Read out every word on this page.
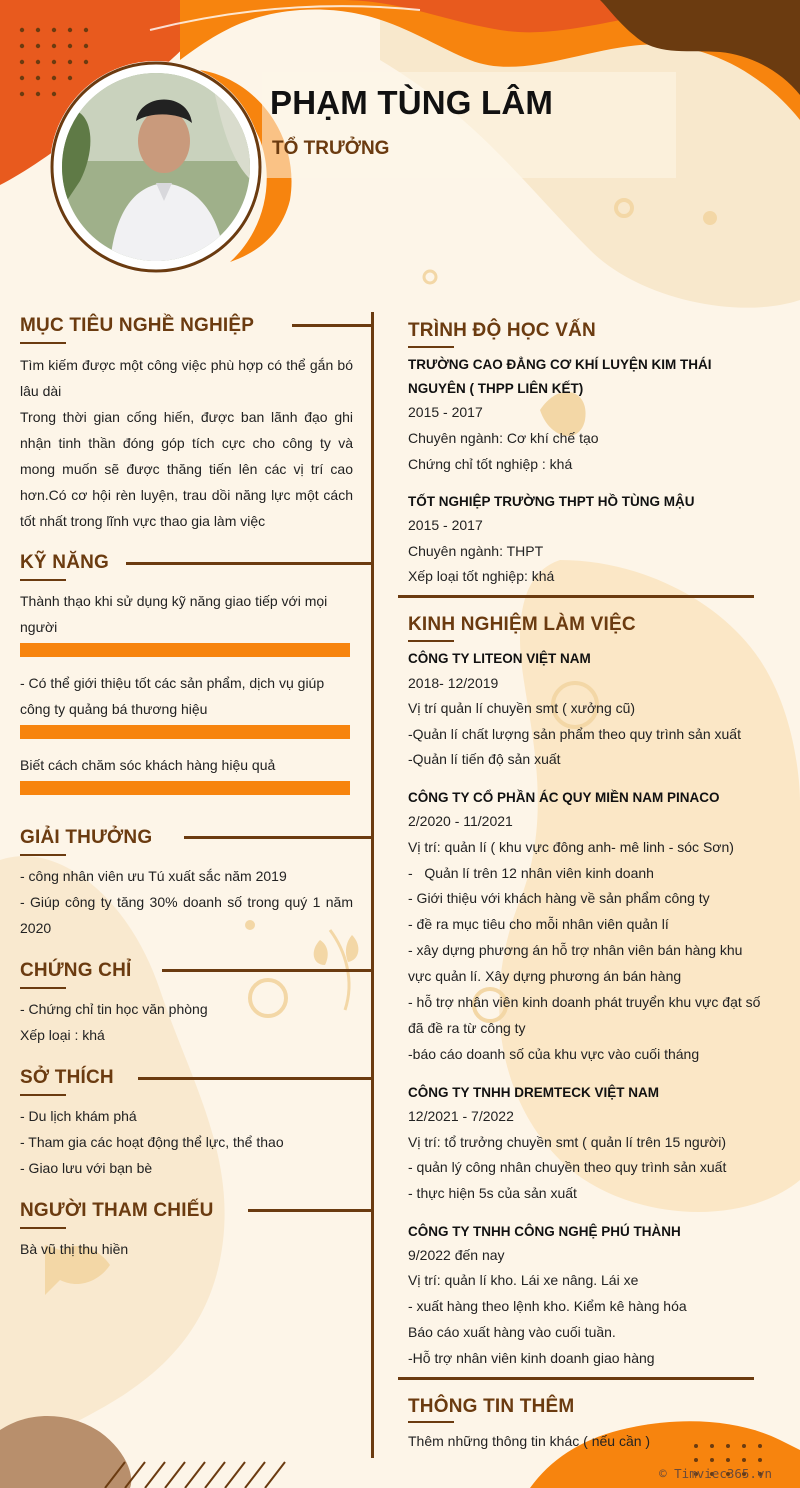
PHẠM TÙNG LÂM
TỔ TRƯỞNG
MỤC TIÊU NGHỀ NGHIỆP
Tìm kiếm được một công việc phù hợp có thể gắn bó lâu dài
Trong thời gian cống hiến, được ban lãnh đạo ghi nhận tinh thần đóng góp tích cực cho công ty và mong muốn sẽ được thăng tiến lên các vị trí cao hơn.Có cơ hội rèn luyện, trau dồi năng lực một cách tốt nhất trong lĩnh vực thao gia làm việc
KỸ NĂNG
Thành thạo khi sử dụng kỹ năng giao tiếp với mọi người
- Có thể giới thiệu tốt các sản phẩm, dịch vụ giúp công ty quảng bá thương hiệu
Biết cách chăm sóc khách hàng hiệu quả
GIẢI THƯỞNG
- công nhân viên ưu Tú xuất sắc năm 2019
- Giúp công ty tăng 30% doanh số trong quý 1 năm 2020
CHỨNG CHỈ
- Chứng chỉ tin học văn phòng
Xếp loại : khá
SỞ THÍCH
- Du lịch khám phá
- Tham gia các hoạt động thể lực, thể thao
- Giao lưu với bạn bè
NGƯỜI THAM CHIẾU
Bà vũ thị thu hiền
TRÌNH ĐỘ HỌC VẤN
TRƯỜNG CAO ĐẲNG CƠ KHÍ LUYỆN KIM THÁI NGUYÊN ( THPP LIÊN KẾT)
2015 - 2017
Chuyên ngành: Cơ khí chế tạo
Chứng chỉ tốt nghiệp : khá
TỐT NGHIỆP TRƯỜNG THPT HỒ TÙNG MẬU
2015 - 2017
Chuyên ngành: THPT
Xếp loại tốt nghiệp: khá
KINH NGHIỆM LÀM VIỆC
CÔNG TY LITEON VIỆT NAM
2018- 12/2019
Vị trí quản lí chuyền smt ( xưởng cũ)
-Quản lí chất lượng sản phẩm theo quy trình sản xuất
-Quản lí tiến độ sản xuất
CÔNG TY CỔ PHẦN ÁC QUY MIỀN NAM PINACO
2/2020 - 11/2021
Vị trí: quản lí ( khu vực đông anh- mê linh - sóc Sơn)
-   Quản lí trên 12 nhân viên kinh doanh
- Giới thiệu với khách hàng về sản phẩm công ty
- đề ra mục tiêu cho mỗi nhân viên quản lí
- xây dựng phương án hỗ trợ nhân viên bán hàng khu vực quản lí. Xây dựng phương án bán hàng
- hỗ trợ nhân viên kinh doanh phát truyển khu vực đạt số đã đề ra từ công ty
-báo cáo doanh số của khu vực vào cuối tháng
CÔNG TY TNHH DREMTECK VIỆT NAM
12/2021 - 7/2022
Vị trí: tổ trưởng chuyền smt ( quản lí trên 15 người)
- quản lý công nhân chuyền theo quy trình sản xuất
- thực hiện 5s của sản xuất
CÔNG TY TNHH CÔNG NGHỆ PHÚ THÀNH
9/2022 đến nay
Vị trí: quản lí kho. Lái xe nâng. Lái xe
- xuất hàng theo lệnh kho. Kiểm kê hàng hóa
Báo cáo xuất hàng vào cuối tuần.
-Hỗ trợ nhân viên kinh doanh giao hàng
THÔNG TIN THÊM
Thêm những thông tin khác ( nếu cần )
© Timviec365.vn
